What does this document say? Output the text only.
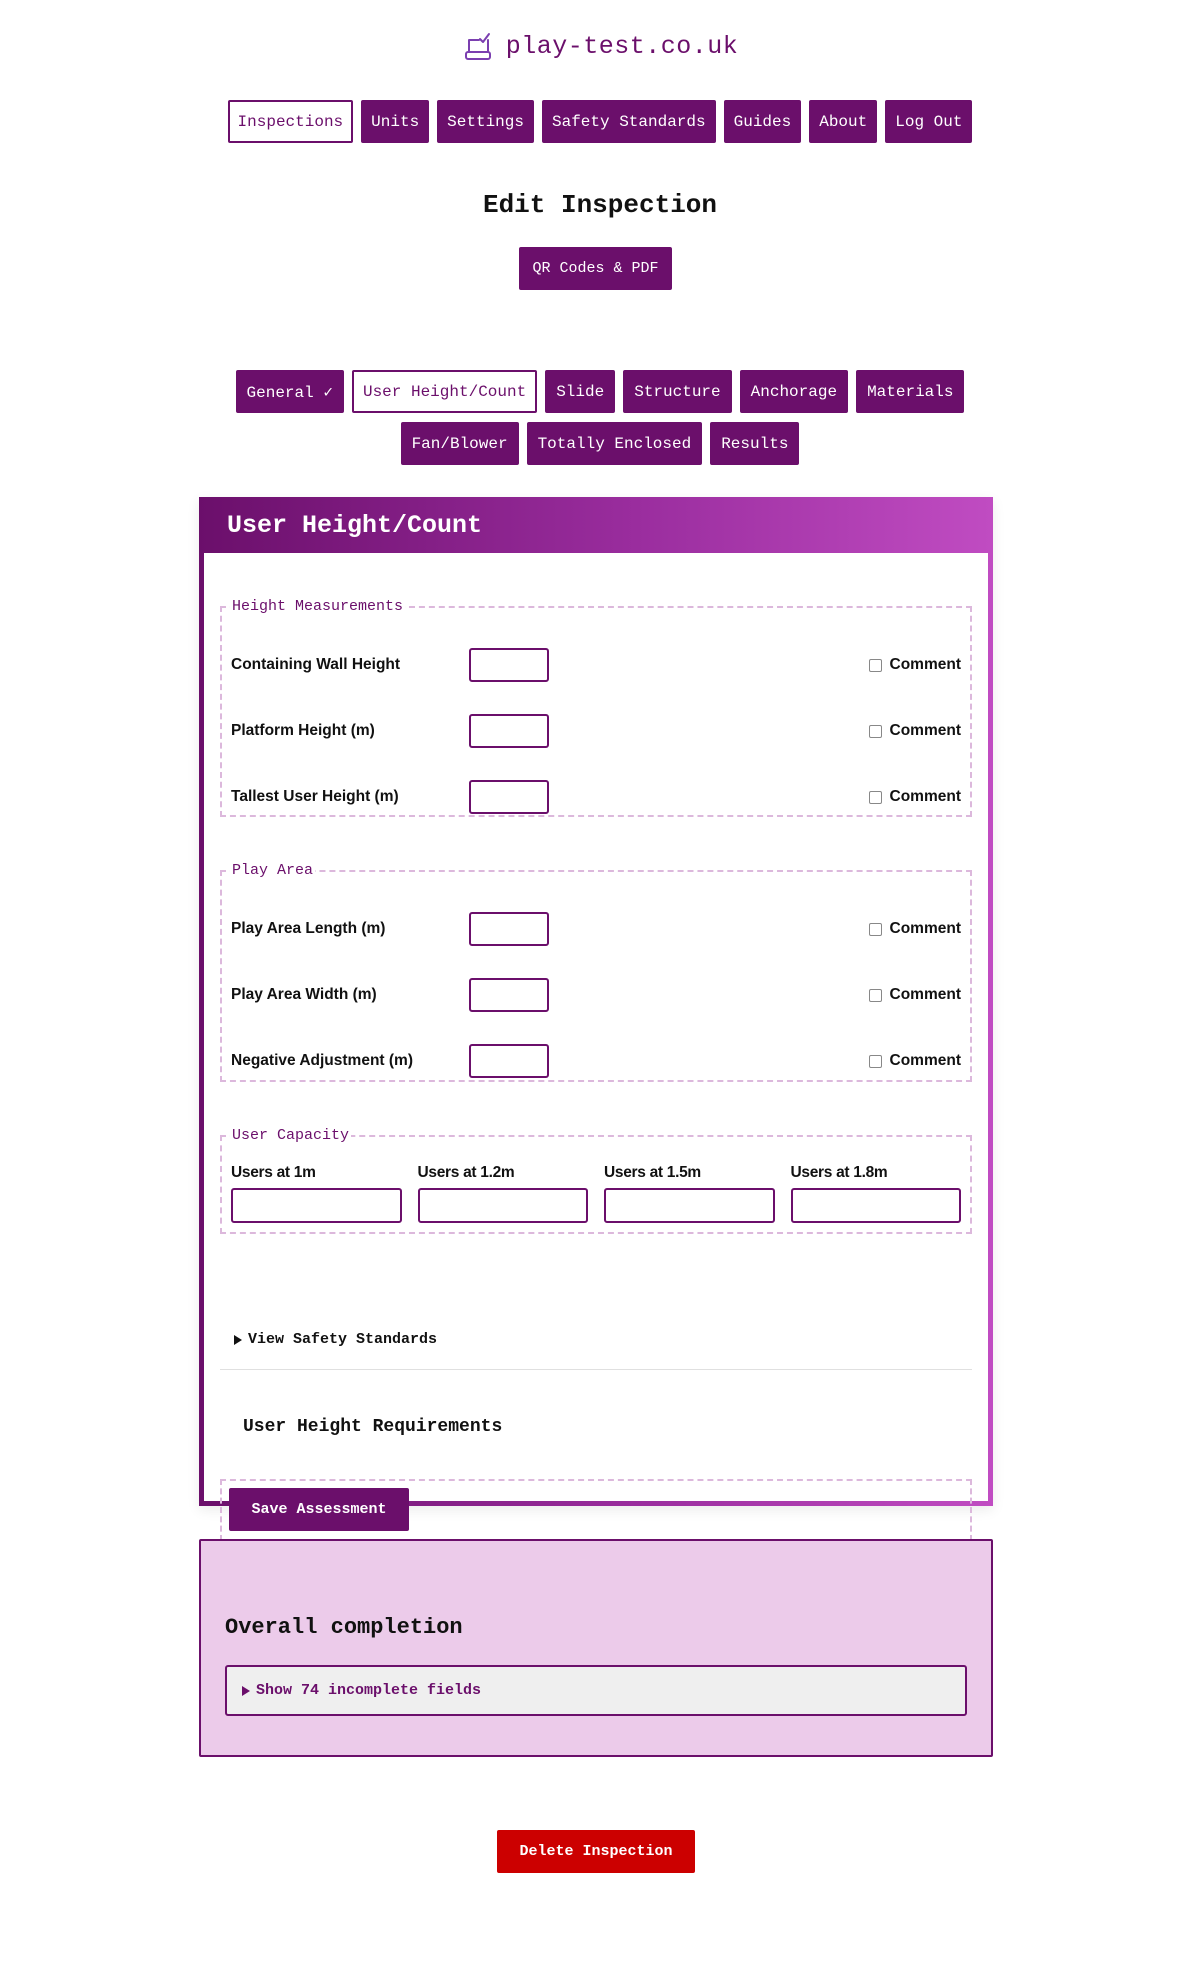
play-test.co.uk
Inspections	Units	Settings	Safety Standards	Guides	About	Log Out
Edit Inspection
QR Codes & PDF
General ✓	User Height/Count	Slide	Structure	Anchorage	Materials
Fan/Blower	Totally Enclosed	Results
User Height/Count
Height Measurements
Containing Wall Height	Comment
Platform Height (m)	Comment
Tallest User Height (m)	Comment
Play Area
Play Area Length (m)	Comment
Play Area Width (m)	Comment
Negative Adjustment (m)	Comment
User Capacity
Users at 1m	Users at 1.2m	Users at 1.5m	Users at 1.8m
View Safety Standards
User Height Requirements
Save Assessment
Overall completion
Show 74 incomplete fields
Delete Inspection
